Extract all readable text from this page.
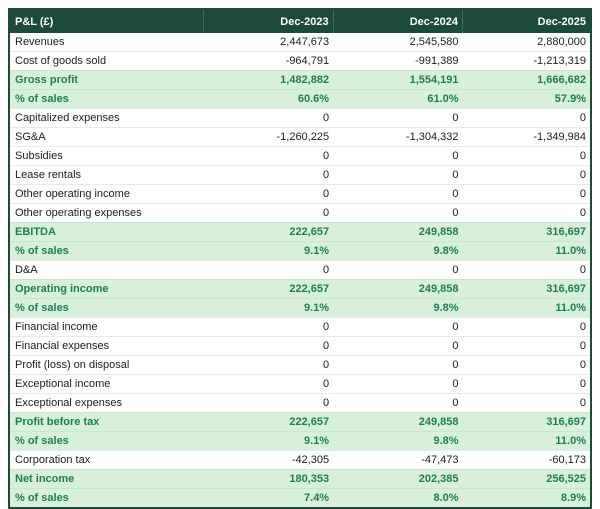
P&L (£)	Dec-2023	Dec-2024	Dec-2025
Revenues	2,447,673	2,545,580	2,880,000
Cost of goods sold	-964,791	-991,389	-1,213,319
Gross profit	1,482,882	1,554,191	1,666,682
% of sales	60.6%	61.0%	57.9%
Capitalized expenses	0	0	0
SG&A	-1,260,225	-1,304,332	-1,349,984
Subsidies	0	0	0
Lease rentals	0	0	0
Other operating income	0	0	0
Other operating expenses	0	0	0
EBITDA	222,657	249,858	316,697
% of sales	9.1%	9.8%	11.0%
D&A	0	0	0
Operating income	222,657	249,858	316,697
% of sales	9.1%	9.8%	11.0%
Financial income	0	0	0
Financial expenses	0	0	0
Profit (loss) on disposal	0	0	0
Exceptional income	0	0	0
Exceptional expenses	0	0	0
Profit before tax	222,657	249,858	316,697
% of sales	9.1%	9.8%	11.0%
Corporation tax	-42,305	-47,473	-60,173
Net income	180,353	202,385	256,525
% of sales	7.4%	8.0%	8.9%
